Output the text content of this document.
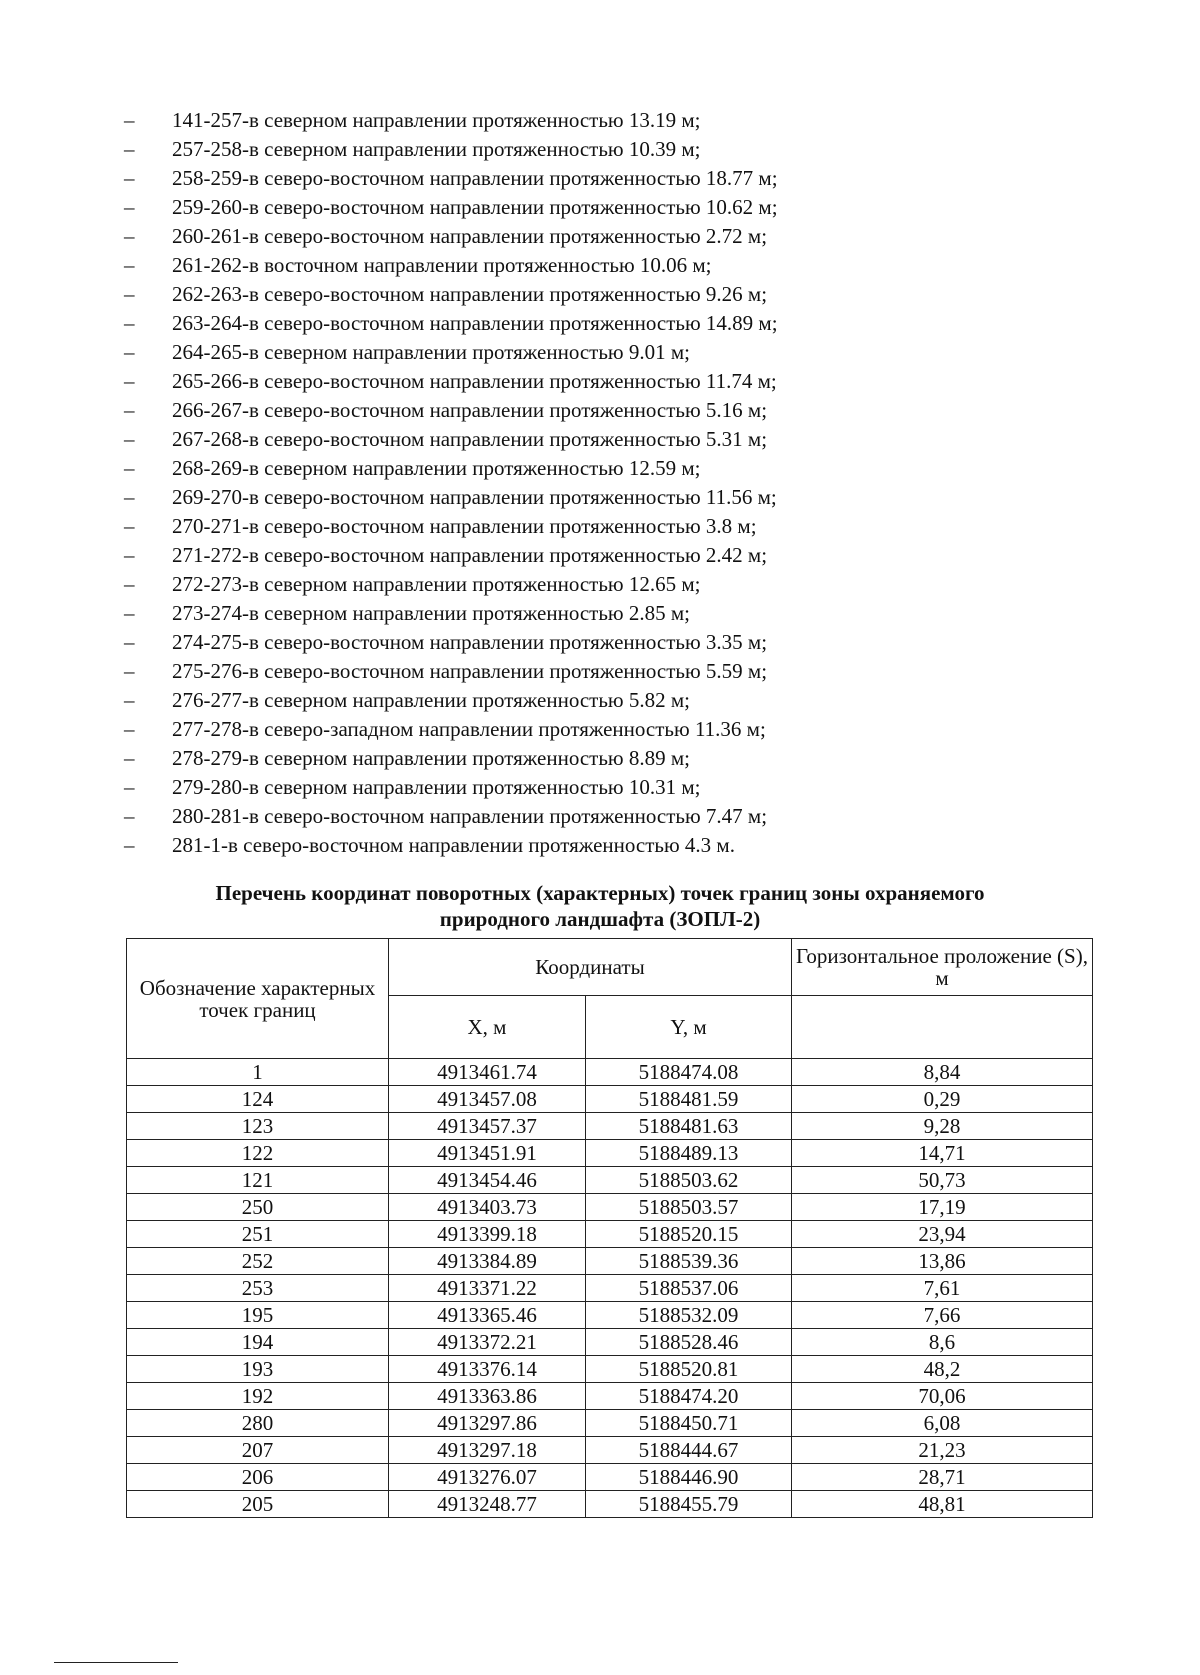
–	141-257-в северном направлении протяженностью 13.19 м;
–	257-258-в северном направлении протяженностью 10.39 м;
–	258-259-в северо-восточном направлении протяженностью 18.77 м;
–	259-260-в северо-восточном направлении протяженностью 10.62 м;
–	260-261-в северо-восточном направлении протяженностью 2.72 м;
–	261-262-в восточном направлении протяженностью 10.06 м;
–	262-263-в северо-восточном направлении протяженностью 9.26 м;
–	263-264-в северо-восточном направлении протяженностью 14.89 м;
–	264-265-в северном направлении протяженностью 9.01 м;
–	265-266-в северо-восточном направлении протяженностью 11.74 м;
–	266-267-в северо-восточном направлении протяженностью 5.16 м;
–	267-268-в северо-восточном направлении протяженностью 5.31 м;
–	268-269-в северном направлении протяженностью 12.59 м;
–	269-270-в северо-восточном направлении протяженностью 11.56 м;
–	270-271-в северо-восточном направлении протяженностью 3.8 м;
–	271-272-в северо-восточном направлении протяженностью 2.42 м;
–	272-273-в северном направлении протяженностью 12.65 м;
–	273-274-в северном направлении протяженностью 2.85 м;
–	274-275-в северо-восточном направлении протяженностью 3.35 м;
–	275-276-в северо-восточном направлении протяженностью 5.59 м;
–	276-277-в северном направлении протяженностью 5.82 м;
–	277-278-в северо-западном направлении протяженностью 11.36 м;
–	278-279-в северном направлении протяженностью 8.89 м;
–	279-280-в северном направлении протяженностью 10.31 м;
–	280-281-в северо-восточном направлении протяженностью 7.47 м;
–	281-1-в северо-восточном направлении протяженностью 4.3 м.
Перечень координат поворотных (характерных) точек границ зоны охраняемого
природного ландшафта (ЗОПЛ-2)
Обозначение характерных точек границ	Координаты		Горизонтальное проложение (S), м
	X, м	Y, м	
1	4913461.74	5188474.08	8,84
124	4913457.08	5188481.59	0,29
123	4913457.37	5188481.63	9,28
122	4913451.91	5188489.13	14,71
121	4913454.46	5188503.62	50,73
250	4913403.73	5188503.57	17,19
251	4913399.18	5188520.15	23,94
252	4913384.89	5188539.36	13,86
253	4913371.22	5188537.06	7,61
195	4913365.46	5188532.09	7,66
194	4913372.21	5188528.46	8,6
193	4913376.14	5188520.81	48,2
192	4913363.86	5188474.20	70,06
280	4913297.86	5188450.71	6,08
207	4913297.18	5188444.67	21,23
206	4913276.07	5188446.90	28,71
205	4913248.77	5188455.79	48,81
